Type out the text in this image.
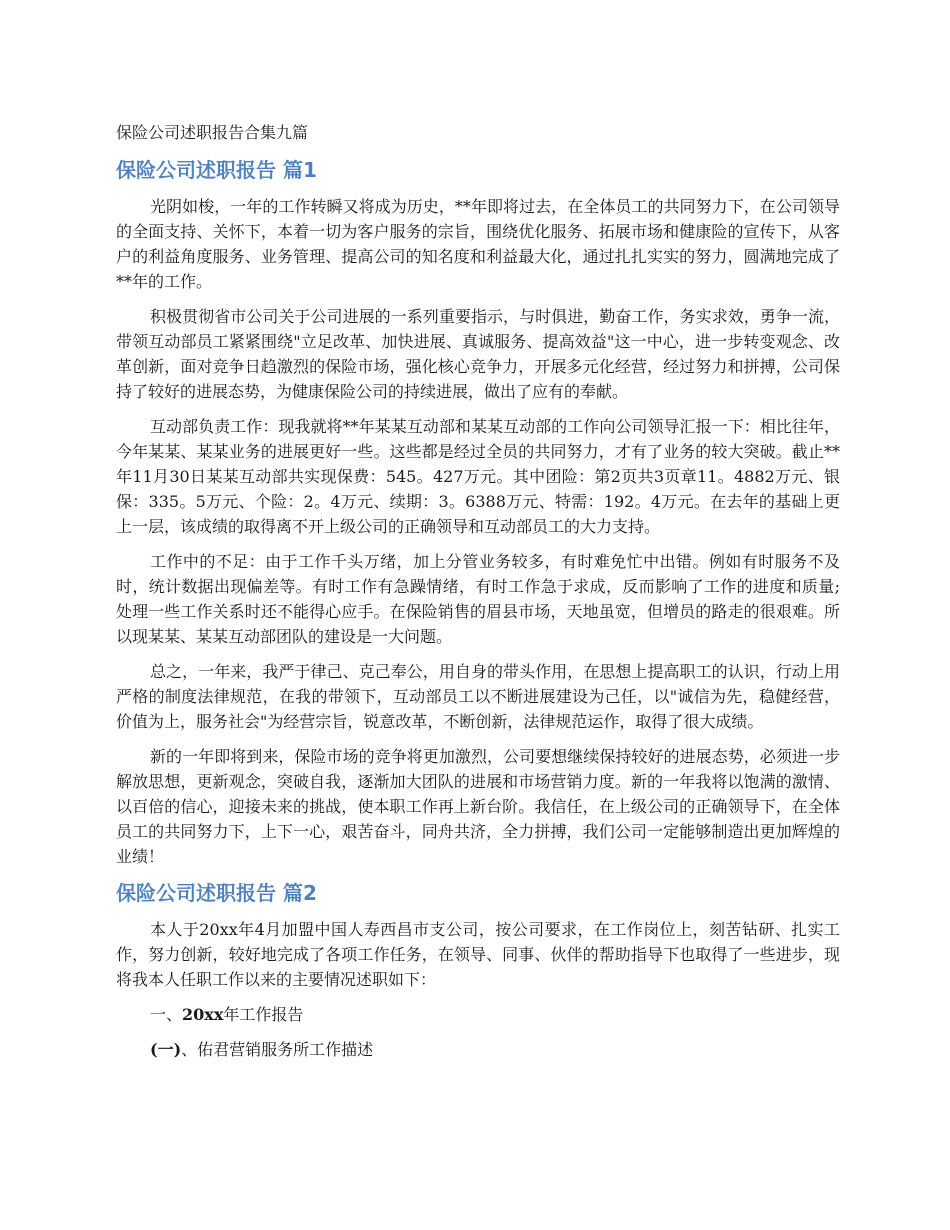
保险公司述职报告合集九篇

保险公司述职报告 篇1

光阴如梭，一年的工作转瞬又将成为历史，**年即将过去，在全体员工的共同努力下，在公司领导的全面支持、关怀下，本着一切为客户服务的宗旨，围绕优化服务、拓展市场和健康险的宣传下，从客户的利益角度服务、业务管理、提高公司的知名度和利益最大化，通过扎扎实实的努力，圆满地完成了**年的工作。

积极贯彻省市公司关于公司进展的一系列重要指示，与时俱进，勤奋工作，务实求效，勇争一流，带领互动部员工紧紧围绕"立足改革、加快进展、真诚服务、提高效益"这一中心，进一步转变观念、改革创新，面对竞争日趋激烈的保险市场，强化核心竞争力，开展多元化经营，经过努力和拼搏，公司保持了较好的进展态势，为健康保险公司的持续进展，做出了应有的奉献。

互动部负责工作：现我就将**年某某互动部和某某互动部的工作向公司领导汇报一下：相比往年，今年某某、某某业务的进展更好一些。这些都是经过全员的共同努力，才有了业务的较大突破。截止**年11月30日某某互动部共实现保费：545。427万元。其中团险：第2页共3页章11。4882万元、银保：335。5万元、个险：2。4万元、续期：3。6388万元、特需：192。4万元。在去年的基础上更上一层，该成绩的取得离不开上级公司的正确领导和互动部员工的大力支持。

工作中的不足：由于工作千头万绪，加上分管业务较多，有时难免忙中出错。例如有时服务不及时，统计数据出现偏差等。有时工作有急躁情绪，有时工作急于求成，反而影响了工作的进度和质量;处理一些工作关系时还不能得心应手。在保险销售的眉县市场，天地虽宽，但增员的路走的很艰难。所以现某某、某某互动部团队的建设是一大问题。

总之，一年来，我严于律己、克己奉公，用自身的带头作用，在思想上提高职工的认识，行动上用严格的制度法律规范，在我的带领下，互动部员工以不断进展建设为己任，以"诚信为先，稳健经营，价值为上，服务社会"为经营宗旨，锐意改革，不断创新，法律规范运作，取得了很大成绩。

新的一年即将到来，保险市场的竞争将更加激烈，公司要想继续保持较好的进展态势，必须进一步解放思想，更新观念，突破自我，逐渐加大团队的进展和市场营销力度。新的一年我将以饱满的激情、以百倍的信心，迎接未来的挑战，使本职工作再上新台阶。我信任，在上级公司的正确领导下，在全体员工的共同努力下，上下一心，艰苦奋斗，同舟共济，全力拼搏，我们公司一定能够制造出更加辉煌的业绩！

保险公司述职报告 篇2

本人于20xx年4月加盟中国人寿西昌市支公司，按公司要求，在工作岗位上，刻苦钻研、扎实工作，努力创新，较好地完成了各项工作任务，在领导、同事、伙伴的帮助指导下也取得了一些进步，现将我本人任职工作以来的主要情况述职如下：

一、20xx年工作报告

(一)、佑君营销服务所工作描述
